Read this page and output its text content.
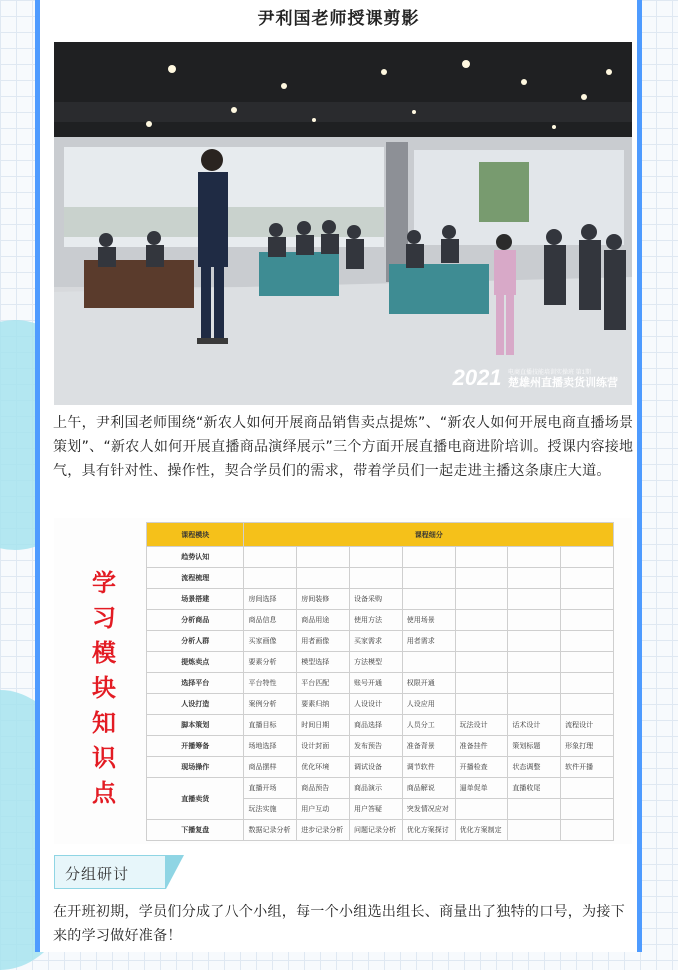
尹利国老师授课剪影
2021 电商直播技能培训实操班 第1期
楚雄州直播卖货训练营

上午，尹利国老师围绕“新农人如何开展商品销售卖点提炼”、“新农人如何开展电商直播场景策划”、“新农人如何开展直播商品演绎展示”三个方面开展直播电商进阶培训。授课内容接地气，具有针对性、操作性，契合学员们的需求，带着学员们一起走进主播这条康庄大道。

学
习
模
块
知
识
点
课程模块	课程细分						
趋势认知							
流程梳理							
场景搭建	房间选择	房间装修	设备采购				
分析商品	商品信息	商品用途	使用方法	使用场景			
分析人群	买家画像	用者画像	买家需求	用者需求			
提炼卖点	要素分析	模型选择	方法模型				
选择平台	平台特性	平台匹配	账号开通	权限开通			
人设打造	案例分析	要素归纳	人设设计	人设应用			
脚本策划	直播目标	时间日期	商品选择	人员分工	玩法设计	话术设计	流程设计
开播筹备	场地选择	设计封面	发布预告	准备背景	准备挂件	策划标题	形象打理
现场操作	商品摆样	优化环境	调试设备	调节软件	开播检查	状态调整	软件开播
直播卖货	直播开场	商品预告	商品演示	商品解说	逼单促单	直播收尾	
	玩法实施	用户互动	用户答疑	突发情况应对			
下播复盘	数据记录分析	进步记录分析	问题记录分析	优化方案探讨	优化方案制定		
分组研讨

在开班初期，学员们分成了八个小组，每一个小组选出组长、商量出了独特的口号，为接下来的学习做好准备！
